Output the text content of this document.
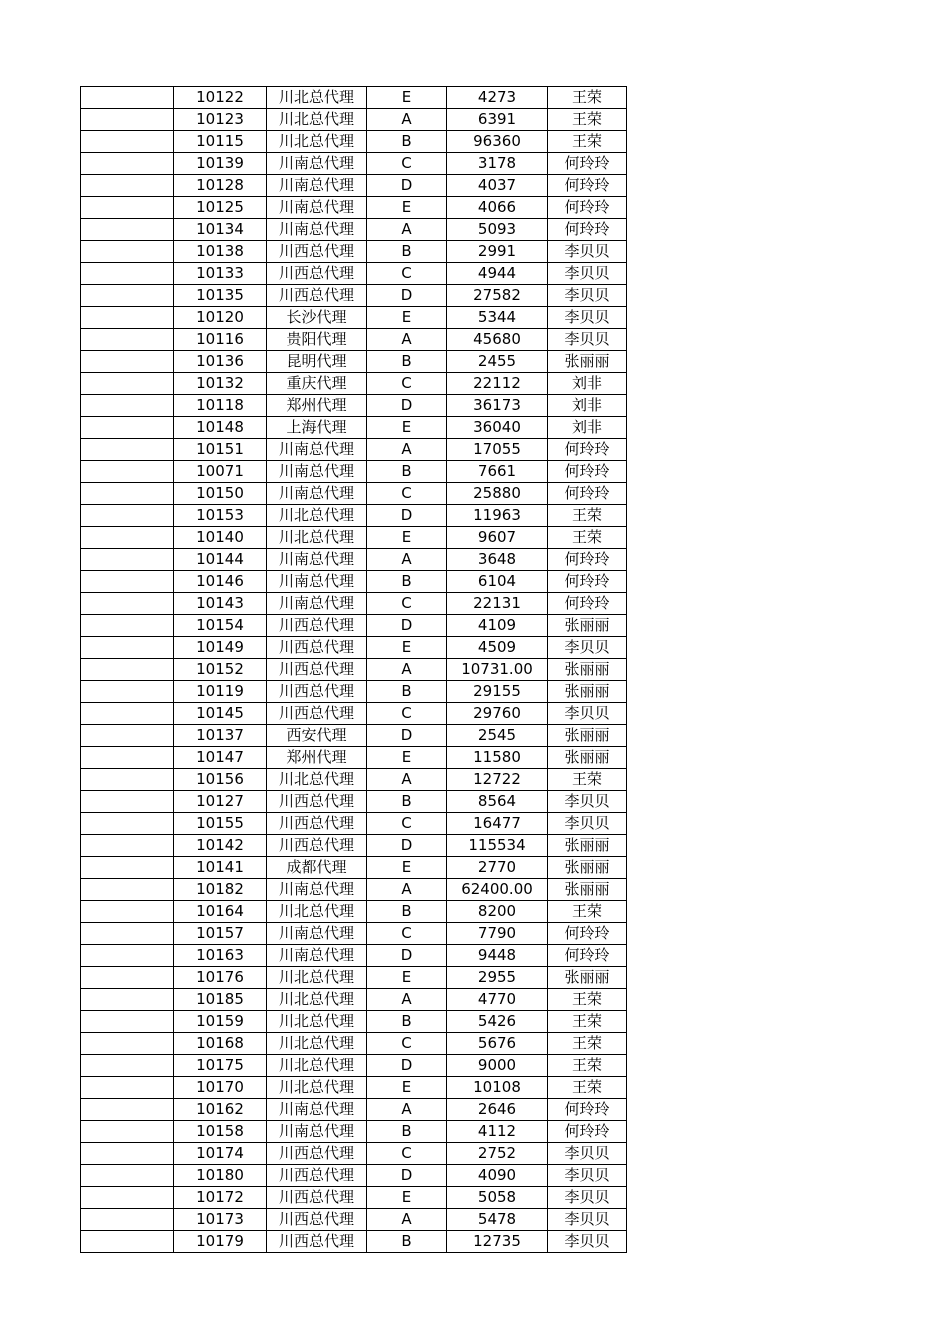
	10122	川北总代理	E	4273	王荣
	10123	川北总代理	A	6391	王荣
	10115	川北总代理	B	96360	王荣
	10139	川南总代理	C	3178	何玲玲
	10128	川南总代理	D	4037	何玲玲
	10125	川南总代理	E	4066	何玲玲
	10134	川南总代理	A	5093	何玲玲
	10138	川西总代理	B	2991	李贝贝
	10133	川西总代理	C	4944	李贝贝
	10135	川西总代理	D	27582	李贝贝
	10120	长沙代理	E	5344	李贝贝
	10116	贵阳代理	A	45680	李贝贝
	10136	昆明代理	B	2455	张丽丽
	10132	重庆代理	C	22112	刘非
	10118	郑州代理	D	36173	刘非
	10148	上海代理	E	36040	刘非
	10151	川南总代理	A	17055	何玲玲
	10071	川南总代理	B	7661	何玲玲
	10150	川南总代理	C	25880	何玲玲
	10153	川北总代理	D	11963	王荣
	10140	川北总代理	E	9607	王荣
	10144	川南总代理	A	3648	何玲玲
	10146	川南总代理	B	6104	何玲玲
	10143	川南总代理	C	22131	何玲玲
	10154	川西总代理	D	4109	张丽丽
	10149	川西总代理	E	4509	李贝贝
	10152	川西总代理	A	10731.00	张丽丽
	10119	川西总代理	B	29155	张丽丽
	10145	川西总代理	C	29760	李贝贝
	10137	西安代理	D	2545	张丽丽
	10147	郑州代理	E	11580	张丽丽
	10156	川北总代理	A	12722	王荣
	10127	川西总代理	B	8564	李贝贝
	10155	川西总代理	C	16477	李贝贝
	10142	川西总代理	D	115534	张丽丽
	10141	成都代理	E	2770	张丽丽
	10182	川南总代理	A	62400.00	张丽丽
	10164	川北总代理	B	8200	王荣
	10157	川南总代理	C	7790	何玲玲
	10163	川南总代理	D	9448	何玲玲
	10176	川北总代理	E	2955	张丽丽
	10185	川北总代理	A	4770	王荣
	10159	川北总代理	B	5426	王荣
	10168	川北总代理	C	5676	王荣
	10175	川北总代理	D	9000	王荣
	10170	川北总代理	E	10108	王荣
	10162	川南总代理	A	2646	何玲玲
	10158	川南总代理	B	4112	何玲玲
	10174	川西总代理	C	2752	李贝贝
	10180	川西总代理	D	4090	李贝贝
	10172	川西总代理	E	5058	李贝贝
	10173	川西总代理	A	5478	李贝贝
	10179	川西总代理	B	12735	李贝贝
